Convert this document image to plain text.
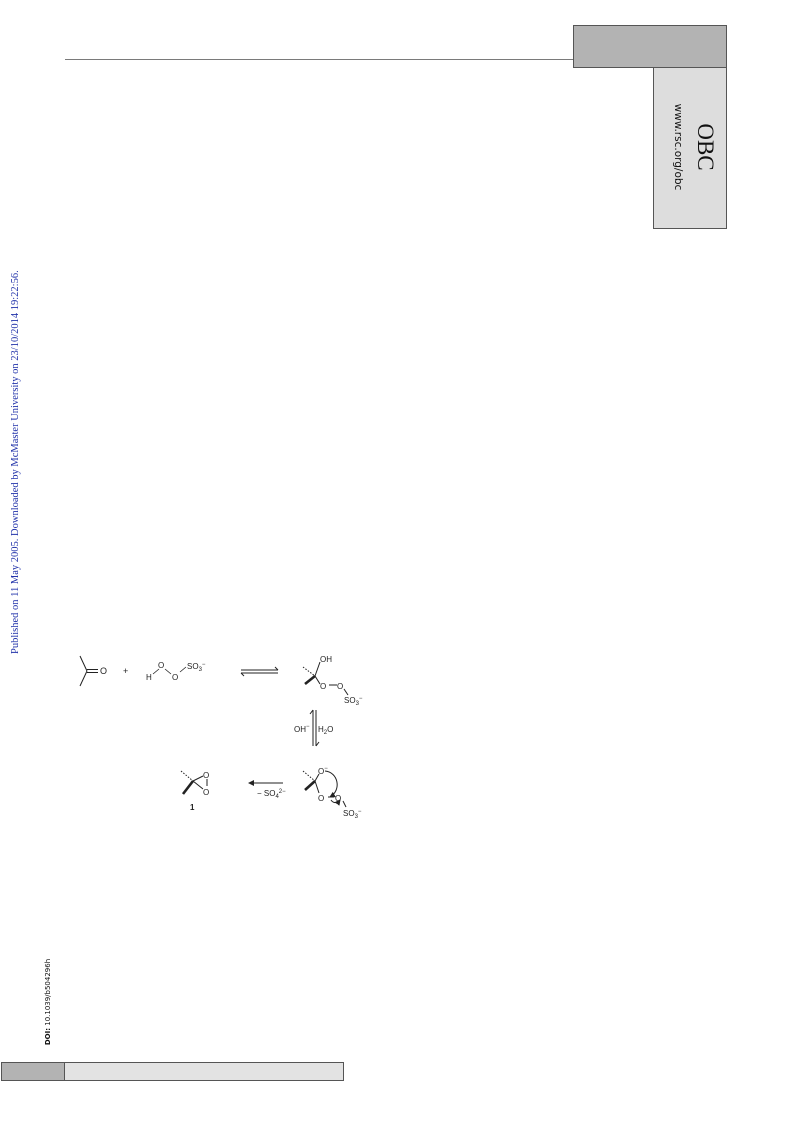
OBC
www.rsc.org/obc
Published on 11 May 2005. Downloaded by McMaster University on 23/10/2014 19:22:56.
DOI: 10.1039/b504296h
O +
H
O
O
$SO_3^-$
OH
O O
$SO_3^-$
OH− $H_2O$
O−
O O
$SO_3^-$
− $SO_4^{2-}$
O
O
1
